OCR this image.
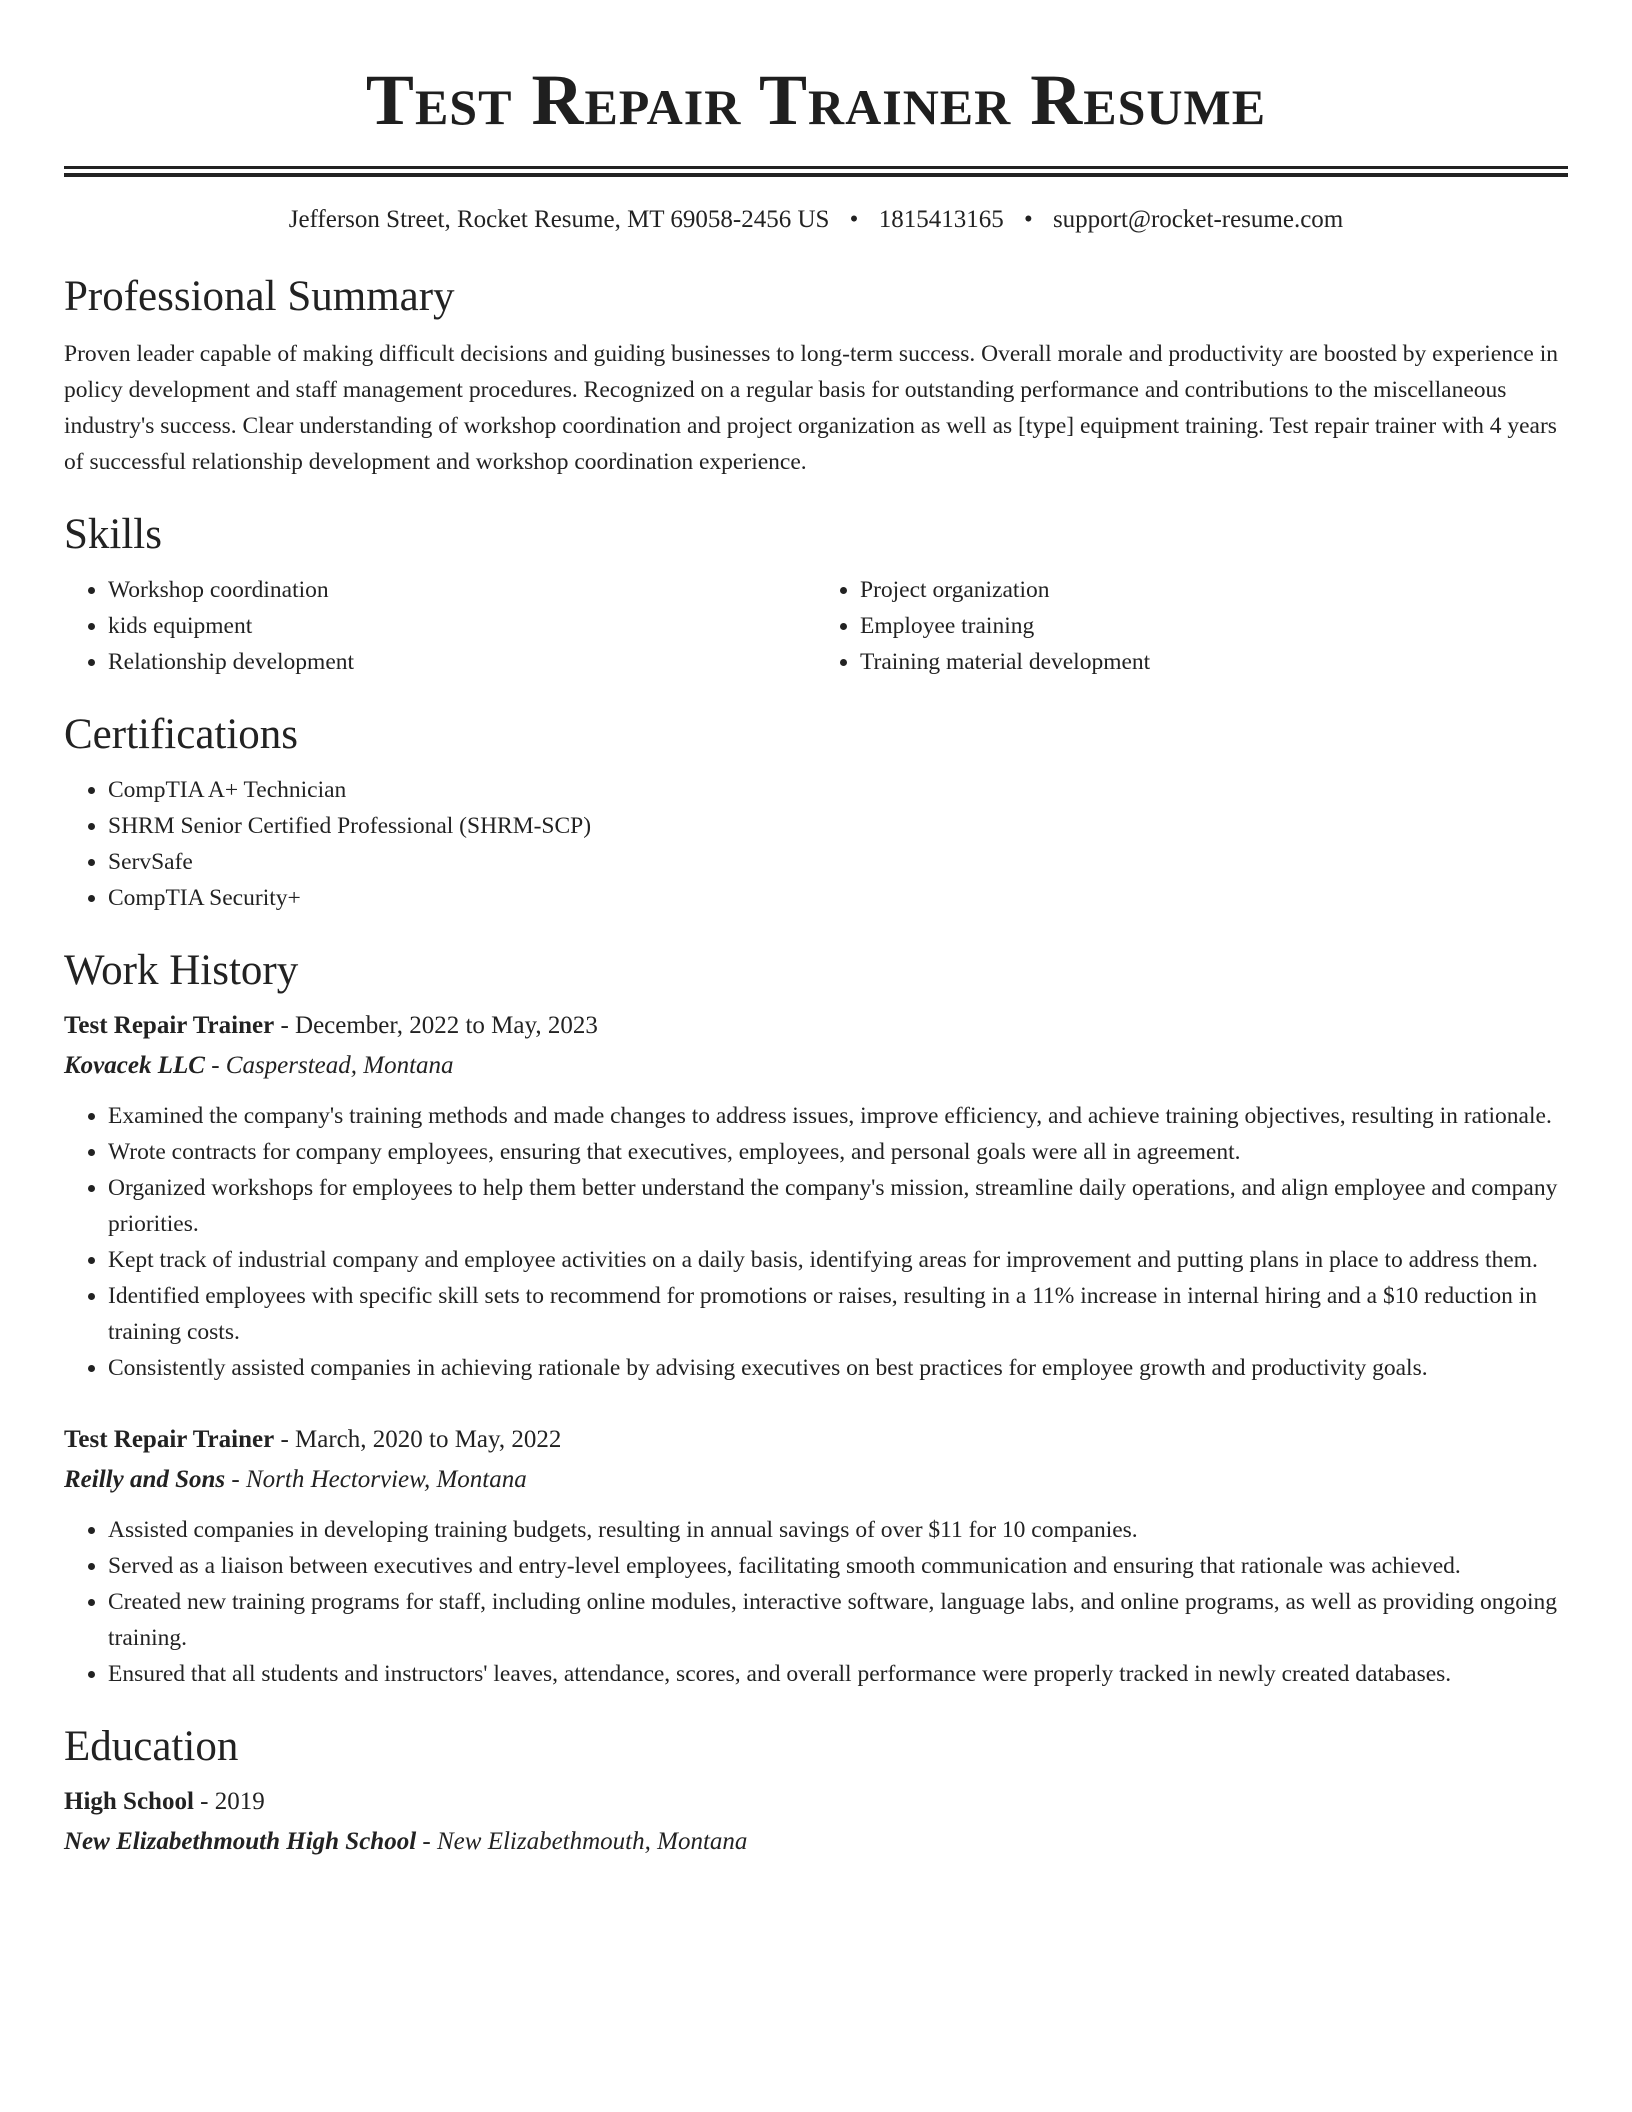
Test Repair Trainer Resume
Jefferson Street, Rocket Resume, MT 69058-2456 US • 1815413165 • support@rocket-resume.com
Professional Summary

Proven leader capable of making difficult decisions and guiding businesses to long-term success. Overall morale and productivity are boosted by experience in policy development and staff management procedures. Recognized on a regular basis for outstanding performance and contributions to the miscellaneous industry's success. Clear understanding of workshop coordination and project organization as well as [type] equipment training. Test repair trainer with 4 years of successful relationship development and workshop coordination experience.

Skills
• Workshop coordination
• kids equipment
• Relationship development
• Project organization
• Employee training
• Training material development
Certifications
• CompTIA A+ Technician
• SHRM Senior Certified Professional (SHRM-SCP)
• ServSafe
• CompTIA Security+
Work History
Test Repair Trainer - December, 2022 to May, 2023
Kovacek LLC - Casperstead, Montana
• Examined the company's training methods and made changes to address issues, improve efficiency, and achieve training objectives, resulting in rationale.
• Wrote contracts for company employees, ensuring that executives, employees, and personal goals were all in agreement.
• Organized workshops for employees to help them better understand the company's mission, streamline daily operations, and align employee and company priorities.
• Kept track of industrial company and employee activities on a daily basis, identifying areas for improvement and putting plans in place to address them.
• Identified employees with specific skill sets to recommend for promotions or raises, resulting in a 11% increase in internal hiring and a $10 reduction in training costs.
• Consistently assisted companies in achieving rationale by advising executives on best practices for employee growth and productivity goals.
Test Repair Trainer - March, 2020 to May, 2022
Reilly and Sons - North Hectorview, Montana
• Assisted companies in developing training budgets, resulting in annual savings of over $11 for 10 companies.
• Served as a liaison between executives and entry-level employees, facilitating smooth communication and ensuring that rationale was achieved.
• Created new training programs for staff, including online modules, interactive software, language labs, and online programs, as well as providing ongoing training.
• Ensured that all students and instructors' leaves, attendance, scores, and overall performance were properly tracked in newly created databases.
Education
High School - 2019
New Elizabethmouth High School - New Elizabethmouth, Montana
